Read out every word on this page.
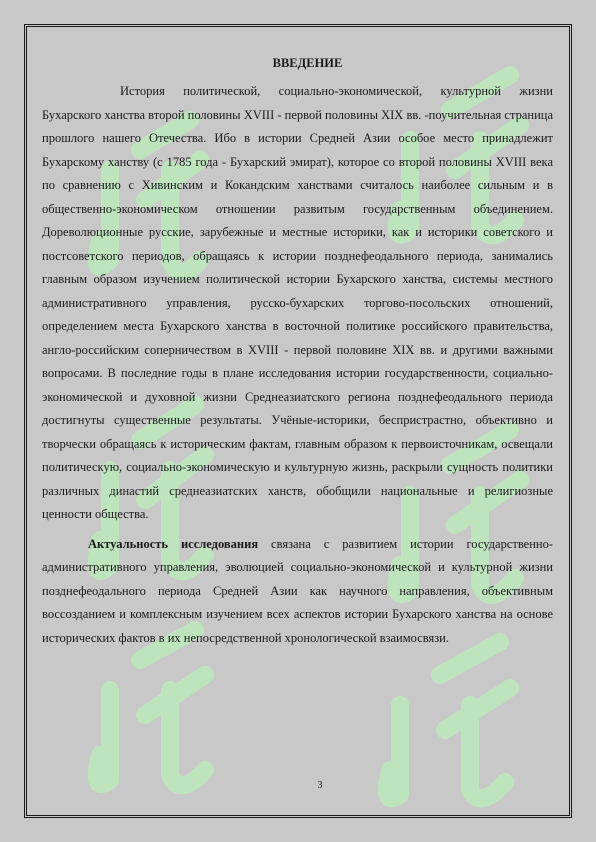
ВВЕДЕНИЕ

История политической, социально-экономической, культурной жизни Бухарского ханства второй половины XVIII - первой половины XIX вв. -поучительная страница прошлого нашего Отечества. Ибо в истории Средней Азии особое место принадлежит Бухарскому ханству (с 1785 года - Бухарский эмират), которое со второй половины XVIII века по сравнению с Хивинским и Кокандским ханствами считалось наиболее сильным и в общественно-экономическом отношении развитым государственным объединением. Дореволюционные русские, зарубежные и местные историки, как и историки советского и постсоветского периодов, обращаясь к истории позднефеодального периода, занимались главным образом изучением политической истории Бухарского ханства, системы местного административного управления, русско-бухарских торгово-посольских отношений, определением места Бухарского ханства в восточной политике российского правительства, англо-российским соперничеством в XVIII - первой половине XIX вв. и другими важными вопросами. В последние годы в плане исследования истории государственности, социально-экономической и духовной жизни Среднеазиатского региона позднефеодального периода достигнуты существенные результаты. Учёные-историки, беспристрастно, объективно и творчески обращаясь к историческим фактам, главным образом к первоисточникам, освещали политическую, социально-экономическую и культурную жизнь, раскрыли сущность политики различных династий среднеазиатских ханств, обобщили национальные и религиозные ценности общества.

Актуальность исследования связана с развитием истории государственно-административного управления, эволюцией социально-экономической и культурной жизни позднефеодального периода Средней Азии как научного направления, объективным воссозданием и комплексным изучением всех аспектов истории Бухарского ханства на основе исторических фактов в их непосредственной хронологической взаимосвязи.

3
